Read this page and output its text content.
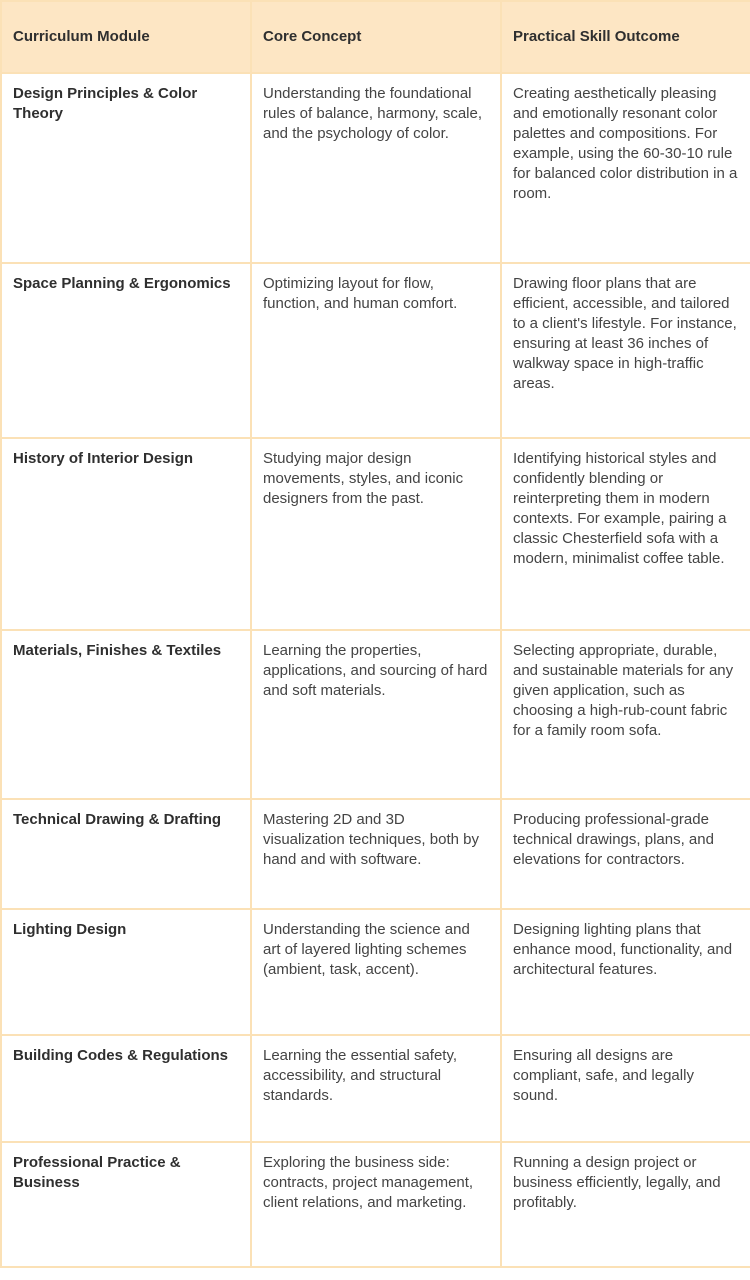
Curriculum Module	Core Concept	Practical Skill Outcome
Design Principles & Color Theory	Understanding the foundational rules of balance, harmony, scale, and the psychology of color.	Creating aesthetically pleasing and emotionally resonant color palettes and compositions. For example, using the 60-30-10 rule for balanced color distribution in a room.
Space Planning & Ergonomics	Optimizing layout for flow, function, and human comfort.	Drawing floor plans that are efficient, accessible, and tailored to a client's lifestyle. For instance, ensuring at least 36 inches of walkway space in high-traffic areas.
History of Interior Design	Studying major design movements, styles, and iconic designers from the past.	Identifying historical styles and confidently blending or reinterpreting them in modern contexts. For example, pairing a classic Chesterfield sofa with a modern, minimalist coffee table.
Materials, Finishes & Textiles	Learning the properties, applications, and sourcing of hard and soft materials.	Selecting appropriate, durable, and sustainable materials for any given application, such as choosing a high-rub-count fabric for a family room sofa.
Technical Drawing & Drafting	Mastering 2D and 3D visualization techniques, both by hand and with software.	Producing professional-grade technical drawings, plans, and elevations for contractors.
Lighting Design	Understanding the science and art of layered lighting schemes (ambient, task, accent).	Designing lighting plans that enhance mood, functionality, and architectural features.
Building Codes & Regulations	Learning the essential safety, accessibility, and structural standards.	Ensuring all designs are compliant, safe, and legally sound.
Professional Practice & Business	Exploring the business side: contracts, project management, client relations, and marketing.	Running a design project or business efficiently, legally, and profitably.
